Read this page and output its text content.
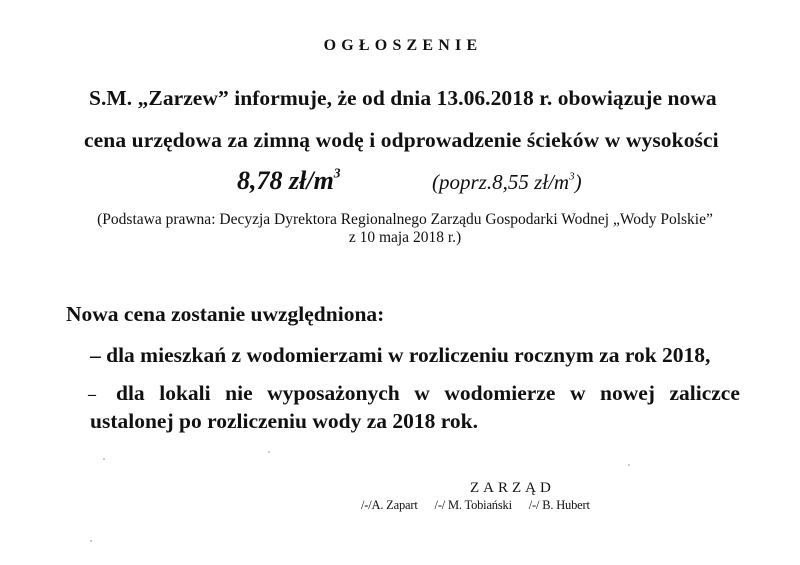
OGŁOSZENIE
S.M. „Zarzew” informuje, że od dnia 13.06.2018 r. obowiązuje nowa
cena urzędowa za zimną wodę i odprowadzenie ścieków w wysokości
8,78 $zł/m^3$	(poprz.8,55 $zł/m^3$)
(Podstawa prawna: Decyzja Dyrektora Regionalnego Zarządu Gospodarki Wodnej „Wody Polskie”
z 10 maja 2018 r.)
Nowa cena zostanie uwzględniona:
– dla mieszkań z wodomierzami w rozliczeniu rocznym za rok 2018,
– dla lokali nie wyposażonych w wodomierze w nowej zaliczce
ustalonej po rozliczeniu wody za 2018 rok.
ZARZĄD
/-/A. Zapart /-/ M. Tobiański /-/ B. Hubert
